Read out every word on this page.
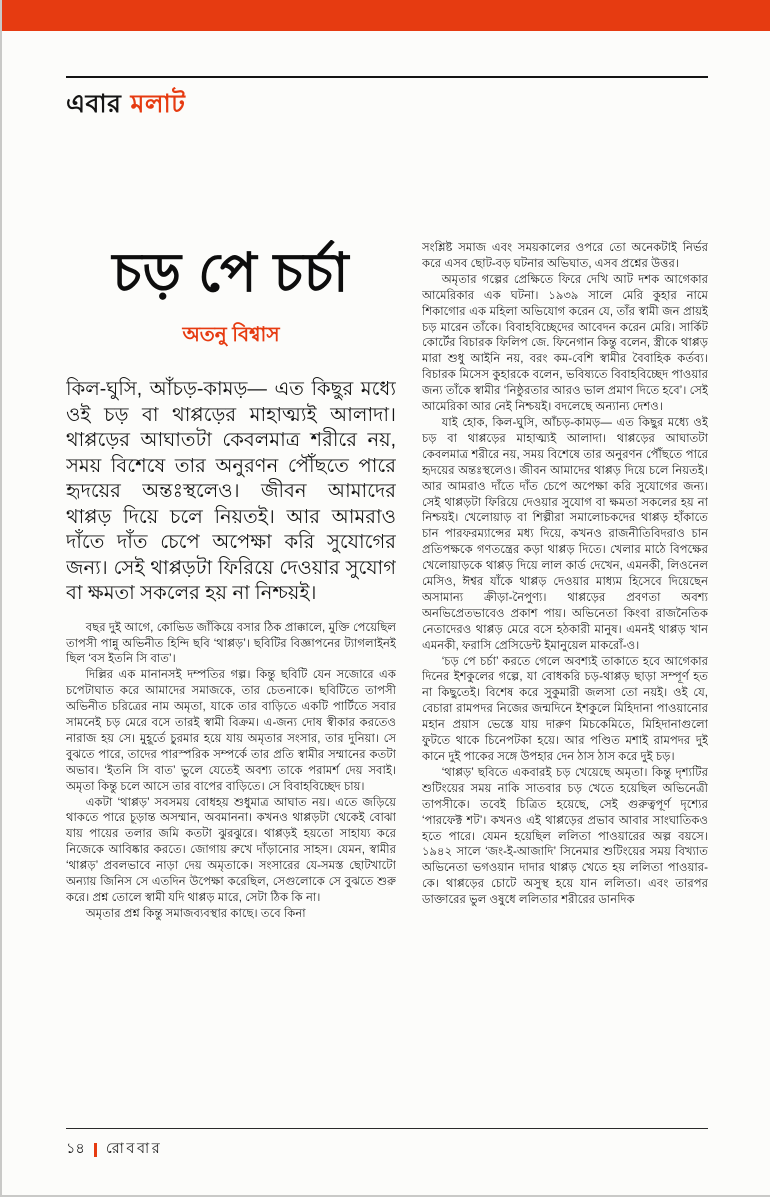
এবার মলাট
চড় পে চর্চা
অতনু বিশ্বাস
কিল-ঘুসি, আঁচড়-কামড়— এত কিছুর মধ্যে ওই চড় বা থাপ্পড়ের মাহাত্ম্যই আলাদা। থাপ্পড়ের আঘাতটা কেবলমাত্র শরীরে নয়, সময় বিশেষে তার অনুরণন পৌঁছতে পারে হৃদয়ের অন্তঃস্থলেও। জীবন আমাদের থাপ্পড় দিয়ে চলে নিয়তই। আর আমরাও দাঁতে দাঁত চেপে অপেক্ষা করি সুযোগের জন্য। সেই থাপ্পড়টা ফিরিয়ে দেওয়ার সুযোগ বা ক্ষমতা সকলের হয় না নিশ্চয়ই।

বছর দুই আগে, কোভিড জাঁকিয়ে বসার ঠিক প্রাক্কালে, মুক্তি পেয়েছিল তাপসী পান্নু অভিনীত হিন্দি ছবি ‘থাপ্পড়’। ছবিটির বিজ্ঞাপনের ট্যাগলাইনই ছিল ‘বস ইতনি সি বাত’।

দিল্লির এক মানানসই দম্পতির গল্প। কিন্তু ছবিটি যেন সজোরে এক চপেটাঘাত করে আমাদের সমাজকে, তার চেতনাকে। ছবিটিতে তাপসী অভিনীত চরিত্রের নাম অমৃতা, যাকে তার বাড়িতে একটি পার্টিতে সবার সামনেই চড় মেরে বসে তারই স্বামী বিক্রম। এ-জন্য দোষ স্বীকার করতেও নারাজ হয় সে। মুহূর্তে চুরমার হয়ে যায় অমৃতার সংসার, তার দুনিয়া। সে বুঝতে পারে, তাদের পারস্পরিক সম্পর্কে তার প্রতি স্বামীর সম্মানের কতটা অভাব। ‘ইতনি সি বাত’ ভুলে যেতেই অবশ্য তাকে পরামর্শ দেয় সবাই। অমৃতা কিন্তু চলে আসে তার বাপের বাড়িতে। সে বিবাহবিচ্ছেদ চায়।

একটা ‘থাপ্পড়’ সবসময় বোধহয় শুধুমাত্র আঘাত নয়। এতে জড়িয়ে থাকতে পারে চূড়ান্ত অসম্মান, অবমাননা। কখনও থাপ্পড়টা থেকেই বোঝা যায় পায়ের তলার জমি কতটা ঝুরঝুরে। থাপ্পড়ই হয়তো সাহায্য করে নিজেকে আবিষ্কার করতে। জোগায় রুখে দাঁড়ানোর সাহস। যেমন, স্বামীর ‘থাপ্পড়’ প্রবলভাবে নাড়া দেয় অমৃতাকে। সংসারের যে-সমস্ত ছোটখাটো অন্যায় জিনিস সে এতদিন উপেক্ষা করেছিল, সেগুলোকে সে বুঝতে শুরু করে। প্রশ্ন তোলে স্বামী যদি থাপ্পড় মারে, সেটা ঠিক কি না।

অমৃতার প্রশ্ন কিন্তু সমাজব্যবস্থার কাছে। তবে কিনা

সংশ্লিষ্ট সমাজ এবং সময়কালের ওপরে তো অনেকটাই নির্ভর করে এসব ছোট-বড় ঘটনার অভিঘাত, এসব প্রশ্নের উত্তর।

অমৃতার গল্পের প্রেক্ষিতে ফিরে দেখি আট দশক আগেকার আমেরিকার এক ঘটনা। ১৯৩৯ সালে মেরি কুহার নামে শিকাগোর এক মহিলা অভিযোগ করেন যে, তাঁর স্বামী জন প্রায়ই চড় মারেন তাঁকে। বিবাহবিচ্ছেদের আবেদন করেন মেরি। সার্কিট কোর্টের বিচারক ফিলিপ জে. ফিনেগান কিন্তু বলেন, স্ত্রীকে থাপ্পড় মারা শুধু আইনি নয়, বরং কম-বেশি স্বামীর বৈবাহিক কর্তব্য। বিচারক মিসেস কুহারকে বলেন, ভবিষ্যতে বিবাহবিচ্ছেদ পাওয়ার জন্য তাঁকে স্বামীর ‘নিষ্ঠুরতার আরও ভাল প্রমাণ দিতে হবে’। সেই আমেরিকা আর নেই নিশ্চয়ই। বদলেছে অন্যান্য দেশও।

যাই হোক, কিল-ঘুসি, আঁচড়-কামড়— এত কিছুর মধ্যে ওই চড় বা থাপ্পড়ের মাহাত্ম্যই আলাদা। থাপ্পড়ের আঘাতটা কেবলমাত্র শরীরে নয়, সময় বিশেষে তার অনুরণন পৌঁছতে পারে হৃদয়ের অন্তঃস্থলেও। জীবন আমাদের থাপ্পড় দিয়ে চলে নিয়তই। আর আমরাও দাঁতে দাঁত চেপে অপেক্ষা করি সুযোগের জন্য। সেই থাপ্পড়টা ফিরিয়ে দেওয়ার সুযোগ বা ক্ষমতা সকলের হয় না নিশ্চয়ই। খেলোয়াড় বা শিল্পীরা সমালোচকদের থাপ্পড় হাঁকাতে চান পারফরম্যান্সের মধ্য দিয়ে, কখনও রাজনীতিবিদরাও চান প্রতিপক্ষকে গণতন্ত্রের কড়া থাপ্পড় দিতে। খেলার মাঠে বিপক্ষের খেলোয়াড়কে থাপ্পড় দিয়ে লাল কার্ড দেখেন, এমনকী, লিওনেল মেসিও, ঈশ্বর যাঁকে থাপ্পড় দেওয়ার মাধ্যম হিসেবে দিয়েছেন অসামান্য ক্রীড়া-নৈপুণ্য। থাপ্পড়ের প্রবণতা অবশ্য অনভিপ্রেতভাবেও প্রকাশ পায়। অভিনেতা কিংবা রাজনৈতিক নেতাদেরও থাপ্পড় মেরে বসে হঠকারী মানুষ। এমনই থাপ্পড় খান এমনকী, ফরাসি প্রেসিডেন্ট ইমানুয়েল মাকরোঁ-ও।

‘চড় পে চর্চা’ করতে গেলে অবশ্যই তাকাতে হবে আগেকার দিনের ইশকুলের গল্পে, যা বোধকরি চড়-থাপ্পড় ছাড়া সম্পূর্ণ হত না কিছুতেই। বিশেষ করে সুকুমারী জলসা তো নয়ই। ওই যে, বেচারা রামপদর নিজের জন্মদিনে ইশকুলে মিহিদানা পাওয়ানোর মহান প্রয়াস ভেস্তে যায় দারুণ মিচকেমিতে, মিহিদানাগুলো ফুটতে থাকে চিনেপটকা হয়ে। আর পণ্ডিত মশাই রামপদর দুই কানে দুই পাকের সঙ্গে উপহার দেন ঠাস ঠাস করে দুই চড়।

‘থাপ্পড়’ ছবিতে একবারই চড় খেয়েছে অমৃতা। কিন্তু দৃশ্যটির শুটিংয়ের সময় নাকি সাতবার চড় খেতে হয়েছিল অভিনেত্রী তাপসীকে। তবেই চিত্রিত হয়েছে, সেই গুরুত্বপূর্ণ দৃশ্যের ‘পারফেক্ট শট’। কখনও এই থাপ্পড়ের প্রভাব আবার সাংঘাতিকও হতে পারে। যেমন হয়েছিল ললিতা পাওয়ারের অল্প বয়সে। ১৯৪২ সালে ‘জং-ই-আজাদি’ সিনেমার শুটিংয়ের সময় বিখ্যাত অভিনেতা ভগওয়ান দাদার থাপ্পড় খেতে হয় ললিতা পাওয়ার-কে। থাপ্পড়ের চোটে অসুস্থ হয়ে যান ললিতা। এবং তারপর ডাক্তারের ভুল ওষুধে ললিতার শরীরের ডানদিক

১৪ রোববার
